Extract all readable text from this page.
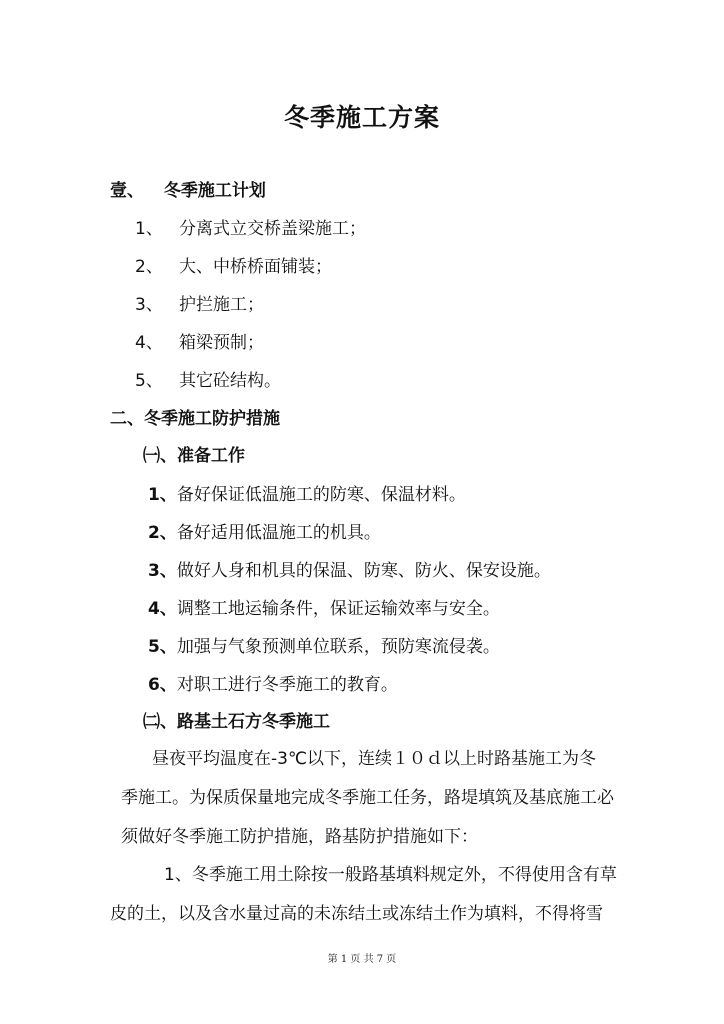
冬季施工方案
壹、 冬季施工计划
1、 分离式立交桥盖梁施工；
2、 大、中桥桥面铺装；
3、 护拦施工；
4、 箱梁预制；
5、 其它砼结构。
二、冬季施工防护措施
㈠、准备工作
1、备好保证低温施工的防寒、保温材料。
2、备好适用低温施工的机具。
3、做好人身和机具的保温、防寒、防火、保安设施。
4、调整工地运输条件，保证运输效率与安全。
5、加强与气象预测单位联系，预防寒流侵袭。
6、对职工进行冬季施工的教育。
㈡、路基土石方冬季施工
昼夜平均温度在-3℃以下，连续１０ｄ以上时路基施工为冬
季施工。为保质保量地完成冬季施工任务，路堤填筑及基底施工必
须做好冬季施工防护措施，路基防护措施如下：
1、冬季施工用土除按一般路基填料规定外，不得使用含有草
皮的土，以及含水量过高的未冻结土或冻结土作为填料，不得将雪
第 1 页 共 7 页
